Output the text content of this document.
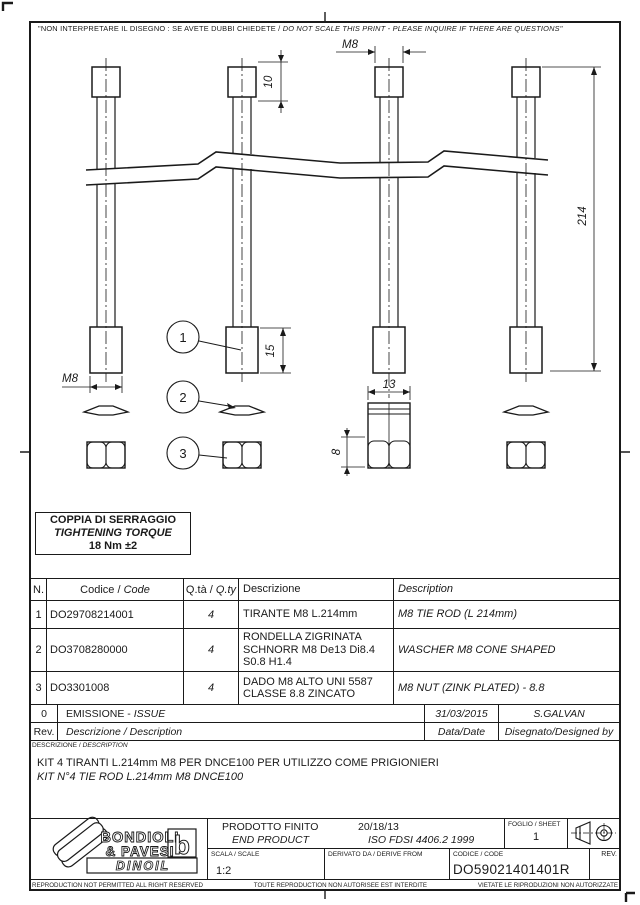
M8
10
214
15
M8	13
8
1
2
3
BONDIOLI
& PAVESI b
DINOIL
"NON INTERPRETARE IL DISEGNO : SE AVETE DUBBI CHIEDETE / DO NOT SCALE THIS PRINT - PLEASE INQUIRE IF THERE ARE QUESTIONS"
COPPIA DI SERRAGGIO
TIGHTENING TORQUE
18 Nm ±2
N.	Codice / Code	Q.tà / Q.ty	Descrizione	Description
1	DO29708214001	4	TIRANTE M8 L.214mm	M8 TIE ROD (L 214mm)
2	DO3708280000	4	RONDELLA ZIGRINATA SCHNORR M8 De13 Di8.4 S0.8 H1.4	WASCHER M8 CONE SHAPED
3	DO3301008	4	DADO M8 ALTO UNI 5587 CLASSE 8.8 ZINCATO	M8 NUT (ZINK PLATED) - 8.8
0	EMISSIONE - ISSUE	31/03/2015	S.GALVAN
Rev.	Descrizione / Description	Data/Date	Disegnato/Designed by
DESCRIZIONE / DESCRIPTION
KIT 4 TIRANTI L.214mm M8 PER DNCE100 PER UTILIZZO COME PRIGIONIERI
KIT N°4 TIE ROD L.214mm M8 DNCE100
PRODOTTO FINITO	20/18/13
END PRODUCT	ISO FDSI 4406.2 1999
FOGLIO / SHEET
1
SCALA / SCALE
1:2
DERIVATO DA / DERIVE FROM	CODICE / CODE
DO59021401401R
REV.
REPRODUCTION NOT PERMITTED ALL RIGHT RESERVED	TOUTE REPRODUCTION NON AUTORISEE EST INTERDITE	VIETATE LE RIPRODUZIONI NON AUTORIZZATE
